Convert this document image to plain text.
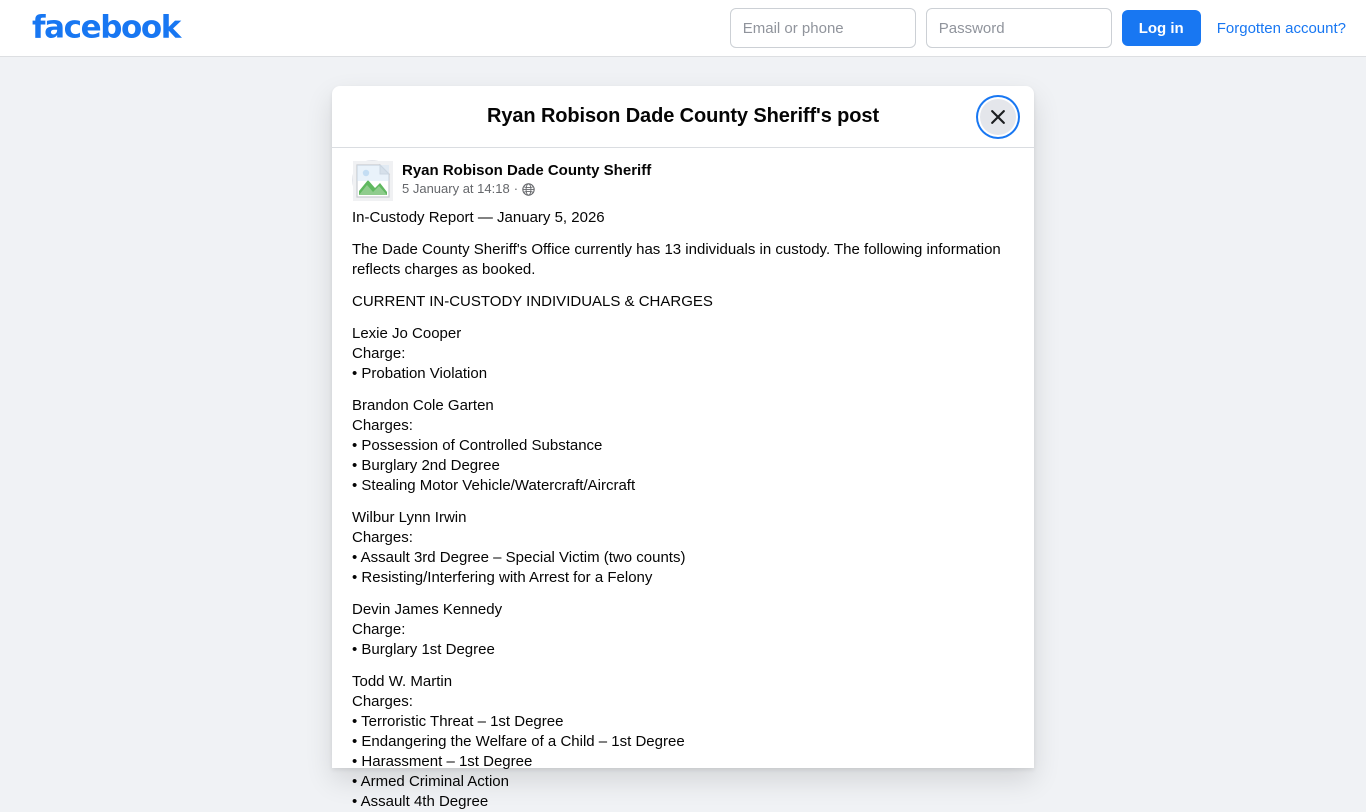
facebook
Email or phone	Log in	Forgotten account?
Ryan Robison Dade County Sheriff's post
Ryan Robison Dade County Sheriff
5 January at 14:18 ·

In-Custody Report — January 5, 2026

The Dade County Sheriff's Office currently has 13 individuals in custody. The following information reflects charges as booked.

CURRENT IN-CUSTODY INDIVIDUALS & CHARGES

Lexie Jo Cooper
Charge:
• Probation Violation

Brandon Cole Garten
Charges:
• Possession of Controlled Substance
• Burglary 2nd Degree
• Stealing Motor Vehicle/Watercraft/Aircraft

Wilbur Lynn Irwin
Charges:
• Assault 3rd Degree – Special Victim (two counts)
• Resisting/Interfering with Arrest for a Felony

Devin James Kennedy
Charge:
• Burglary 1st Degree

Todd W. Martin
Charges:
• Terroristic Threat – 1st Degree
• Endangering the Welfare of a Child – 1st Degree
• Harassment – 1st Degree
• Armed Criminal Action
• Assault 4th Degree
